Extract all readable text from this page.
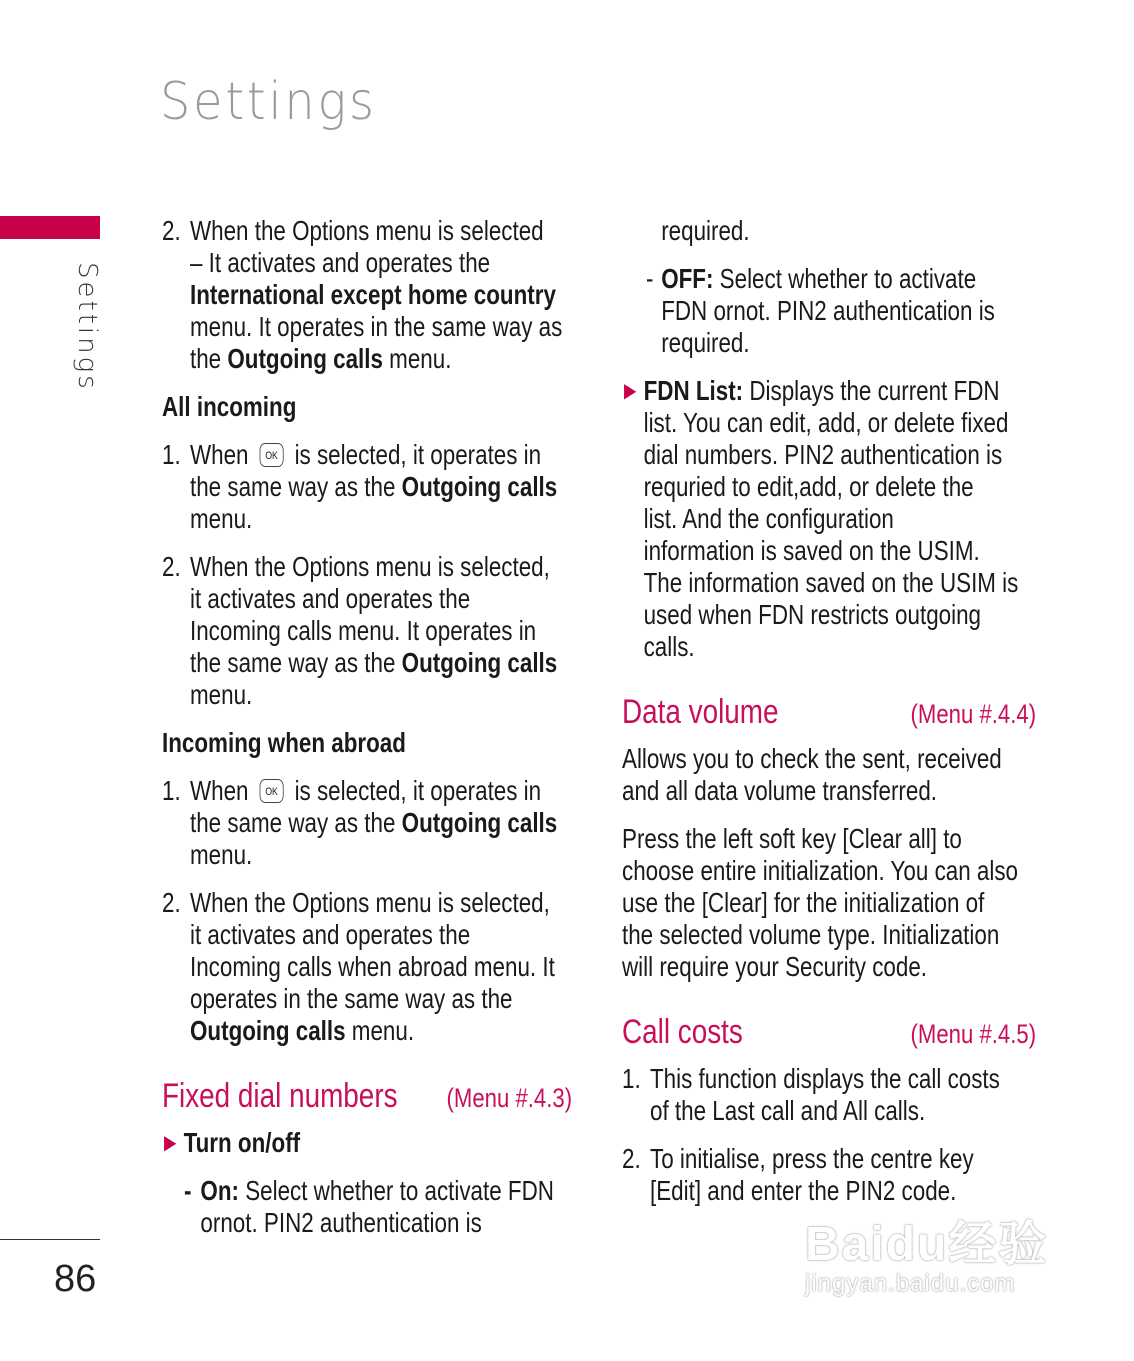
Settings
Settings
86
2. When the Options menu is selected
– It activates and operates the
International except home country
menu. It operates in the same way as
the Outgoing calls menu.
All incoming
1. When OK is selected, it operates in
the same way as the Outgoing calls
menu.
2. When the Options menu is selected,
it activates and operates the
Incoming calls menu. It operates in
the same way as the Outgoing calls
menu.
Incoming when abroad
1. When OK is selected, it operates in
the same way as the Outgoing calls
menu.
2. When the Options menu is selected,
it activates and operates the
Incoming calls when abroad menu. It
operates in the same way as the
Outgoing calls menu.
Fixed dial numbers (Menu #.4.3)
▶ Turn on/off
- On: Select whether to activate FDN
ornot. PIN2 authentication is
required.
- OFF: Select whether to activate
FDN ornot. PIN2 authentication is
required.
▶ FDN List: Displays the current FDN
list. You can edit, add, or delete fixed
dial numbers. PIN2 authentication is
requried to edit,add, or delete the
list. And the configuration
information is saved on the USIM.
The information saved on the USIM is
used when FDN restricts outgoing
calls.
Data volume	(Menu #.4.4)
Allows you to check the sent, received
and all data volume transferred.
Press the left soft key [Clear all] to
choose entire initialization. You can also
use the [Clear] for the initialization of
the selected volume type. Initialization
will require your Security code.
Call costs	(Menu #.4.5)
1. This function displays the call costs
of the Last call and All calls.
2. To initialise, press the centre key
[Edit] and enter the PIN2 code.
Baidu经验
jingyan.baidu.com
